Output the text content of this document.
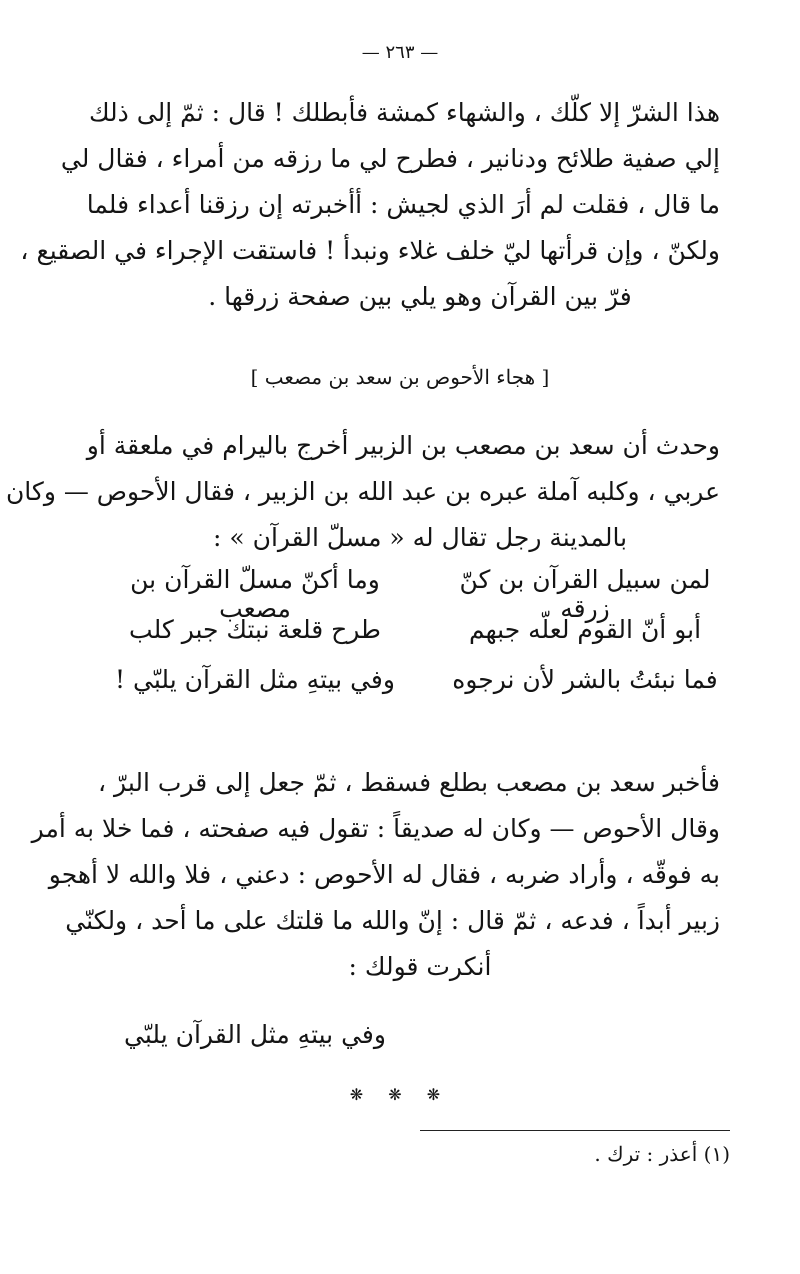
— ٢٦٣ —
هذا الشرّ إلا كلّك ، والشهاء كمشة فأبطلك ! قال : ثمّ إلى ذلك
إلي صفية طلائح ودنانير ، فطرح لي ما رزقه من أمراء ، فقال لي
ما قال ، فقلت لم أرَ الذي لجيش : أأخبرته إن رزقنا أعداء فلما
ولكنّ ، وإن قرأتها ليّ خلف غلاء ونبدأ ! فاستقت الإجراء في الصقيع ،
فرّ بين القرآن وهو يلي بين صفحة زرقها .
[ هجاء الأحوص بن سعد بن مصعب ]
وحدث أن سعد بن مصعب بن الزبير أخرج باليرام في ملعقة أو
عربي ، وكلبه آملة عبره بن عبد الله بن الزبير ، فقال الأحوص — وكان
بالمدينة رجل تقال له « مسلّ القرآن » :
لمن سبيل القرآن بن كنّ زرقه
وما أكنّ مسلّ القرآن بن مصعب
أبو أنّ القوم لعلّه جبهم
طرح قلعة نبتك جبر كلب
فما نبئتُ بالشر لأن نرجوه
وفي بيتهِ مثل القرآن يلبّي !
فأخبر سعد بن مصعب بطلع فسقط ، ثمّ جعل إلى قرب البرّ ،
وقال الأحوص — وكان له صديقاً : تقول فيه صفحته ، فما خلا به أمر
به فوقّه ، وأراد ضربه ، فقال له الأحوص : دعني ، فلا والله لا أهجو
زبير أبداً ، فدعه ، ثمّ قال : إنّ والله ما قلتك على ما أحد ، ولكنّي
أنكرت قولك :
وفي بيتهِ مثل القرآن يلبّي
❋ ❋ ❋
(١) أعذر : ترك .
